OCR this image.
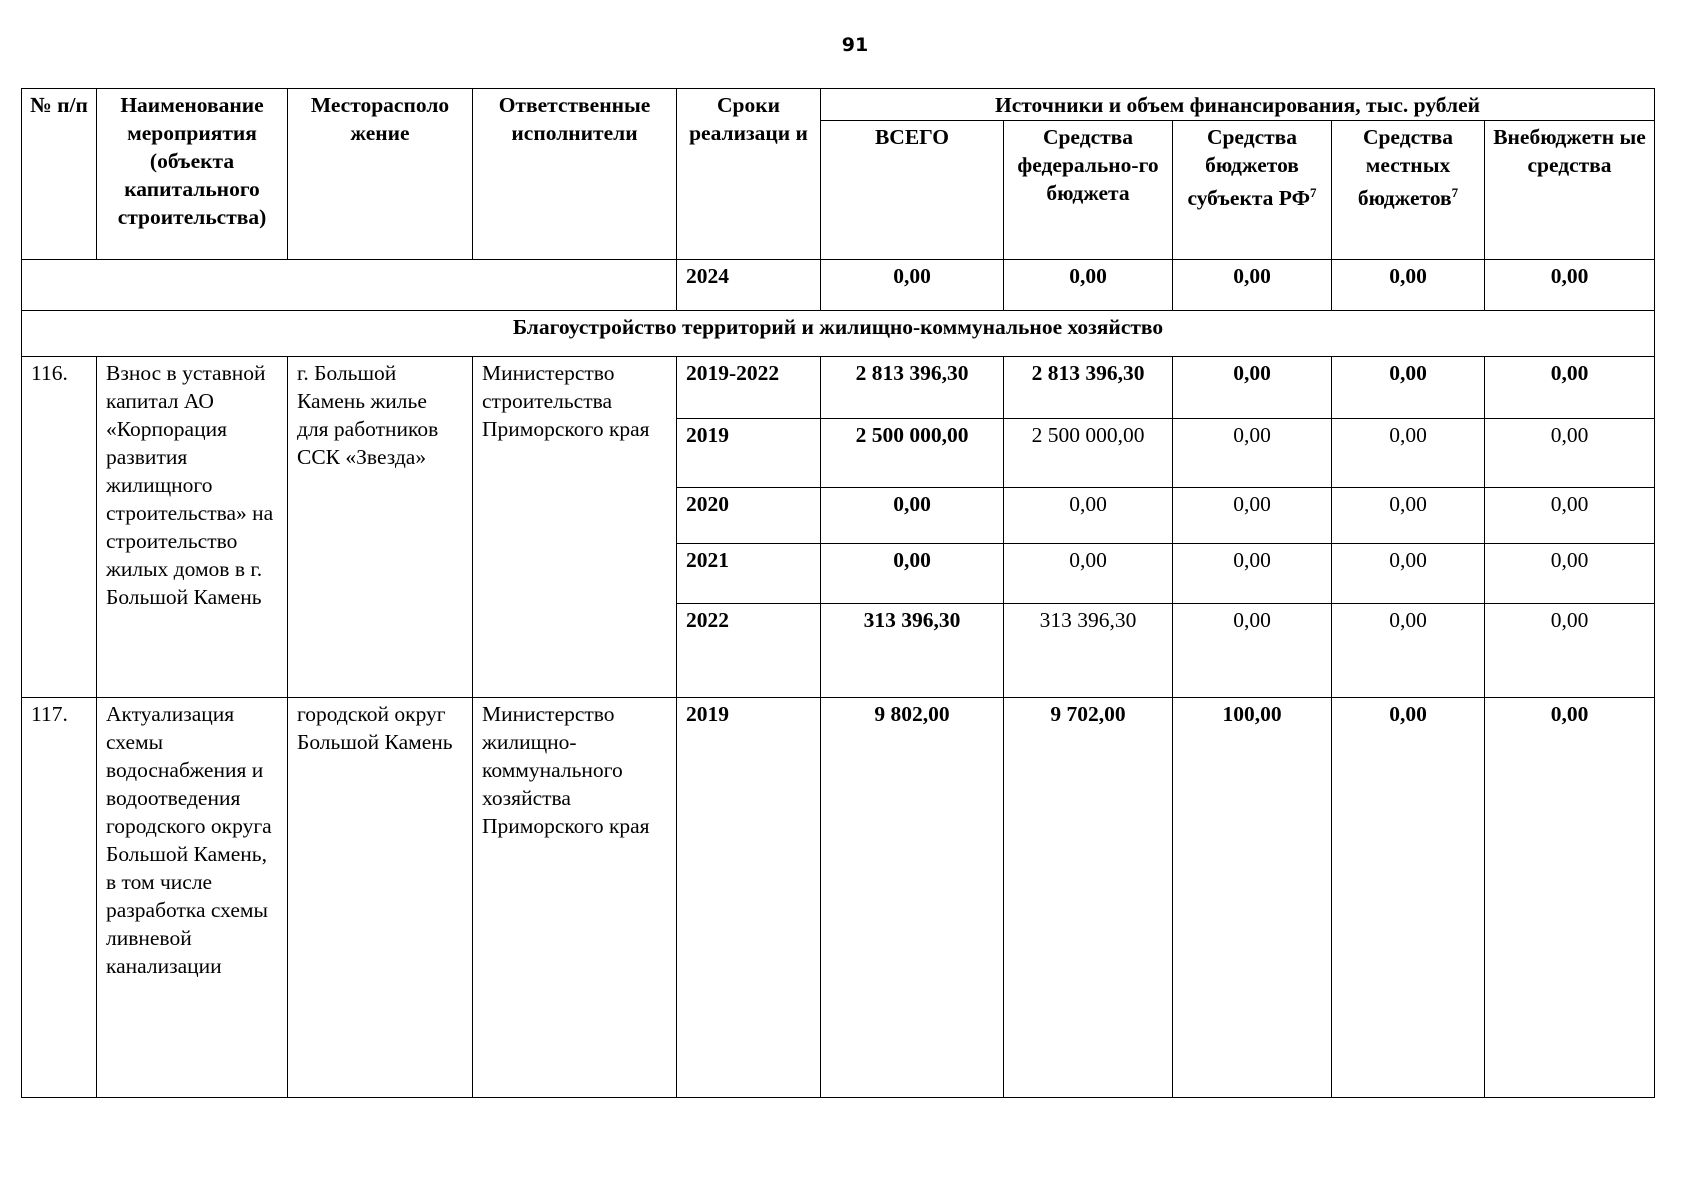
91
№ п/п	Наименование мероприятия (объекта капитального строительства)	Месторасполо жение	Ответственные исполнители	Сроки реализаци и	Источники и объем финансирования, тыс. рублей				
					ВСЕГО	Средства федерально-го бюджета	Средства бюджетов субъекта $РФ^7$	Средства местных бюджетов$^7$	Внебюджетн ые средства
				2024	0,00	0,00	0,00	0,00	0,00
Благоустройство территорий и жилищно-коммунальное хозяйство									
116.	Взнос в уставной капитал АО «Корпорация развития жилищного строительства» на строительство жилых домов в г. Большой Камень	г. Большой Камень жилье для работников ССК «Звезда»	Министерство строительства Приморского края	2019-2022	2 813 396,30	2 813 396,30	0,00	0,00	0,00
				2019	2 500 000,00	2 500 000,00	0,00	0,00	0,00
				2020	0,00	0,00	0,00	0,00	0,00
				2021	0,00	0,00	0,00	0,00	0,00
				2022	313 396,30	313 396,30	0,00	0,00	0,00
117.	Актуализация схемы водоснабжения и водоотведения городского округа Большой Камень, в том числе разработка схемы ливневой канализации	городской округ Большой Камень	Министерство жилищно-коммунального хозяйства Приморского края	2019	9 802,00	9 702,00	100,00	0,00	0,00
